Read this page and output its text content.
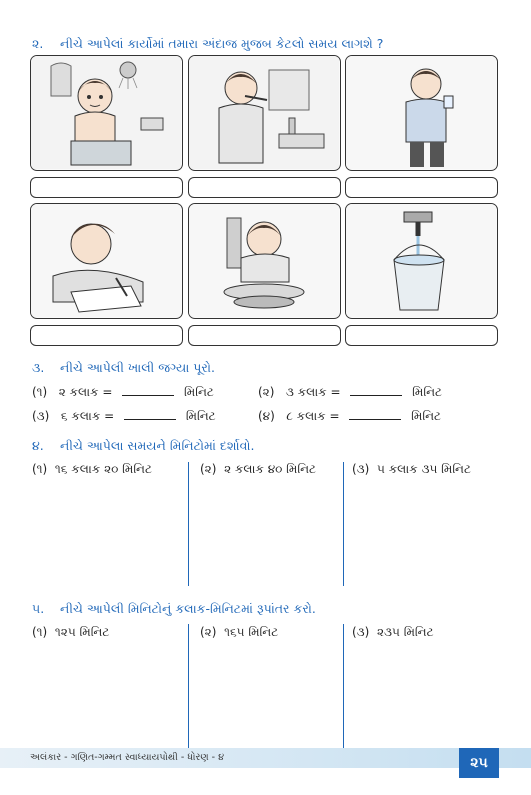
૨. નીચે આપેલાં કાર્યોમાં તમારા અંદાજ મુજબ કેટલો સમય લાગશે ?
૩. નીચે આપેલી ખાલી જગ્યા પૂરો.
(૧) ૨ કલાક =	મિનિટ	(૨) ૩ કલાક =	મિનિટ
(૩) ૬ કલાક =	મિનિટ	(૪) ૮ કલાક =	મિનિટ
૪. નીચે આપેલા સમયને મિનિટોમાં દર્શાવો.
(૧) ૧૬ કલાક ૨૦ મિનિટ	(૨) ૨ કલાક ૪૦ મિનિટ	(૩) ૫ કલાક ૩૫ મિનિટ
૫. નીચે આપેલી મિનિટોનું કલાક-મિનિટમાં રૂપાંતર કરો.
(૧) ૧૨૫ મિનિટ	(૨) ૧૬૫ મિનિટ	(૩) ૨૩૫ મિનિટ
અલંકાર - ગણિત-ગમ્મત સ્વાધ્યાયપોથી - ધોરણ - ૪	૨૫
